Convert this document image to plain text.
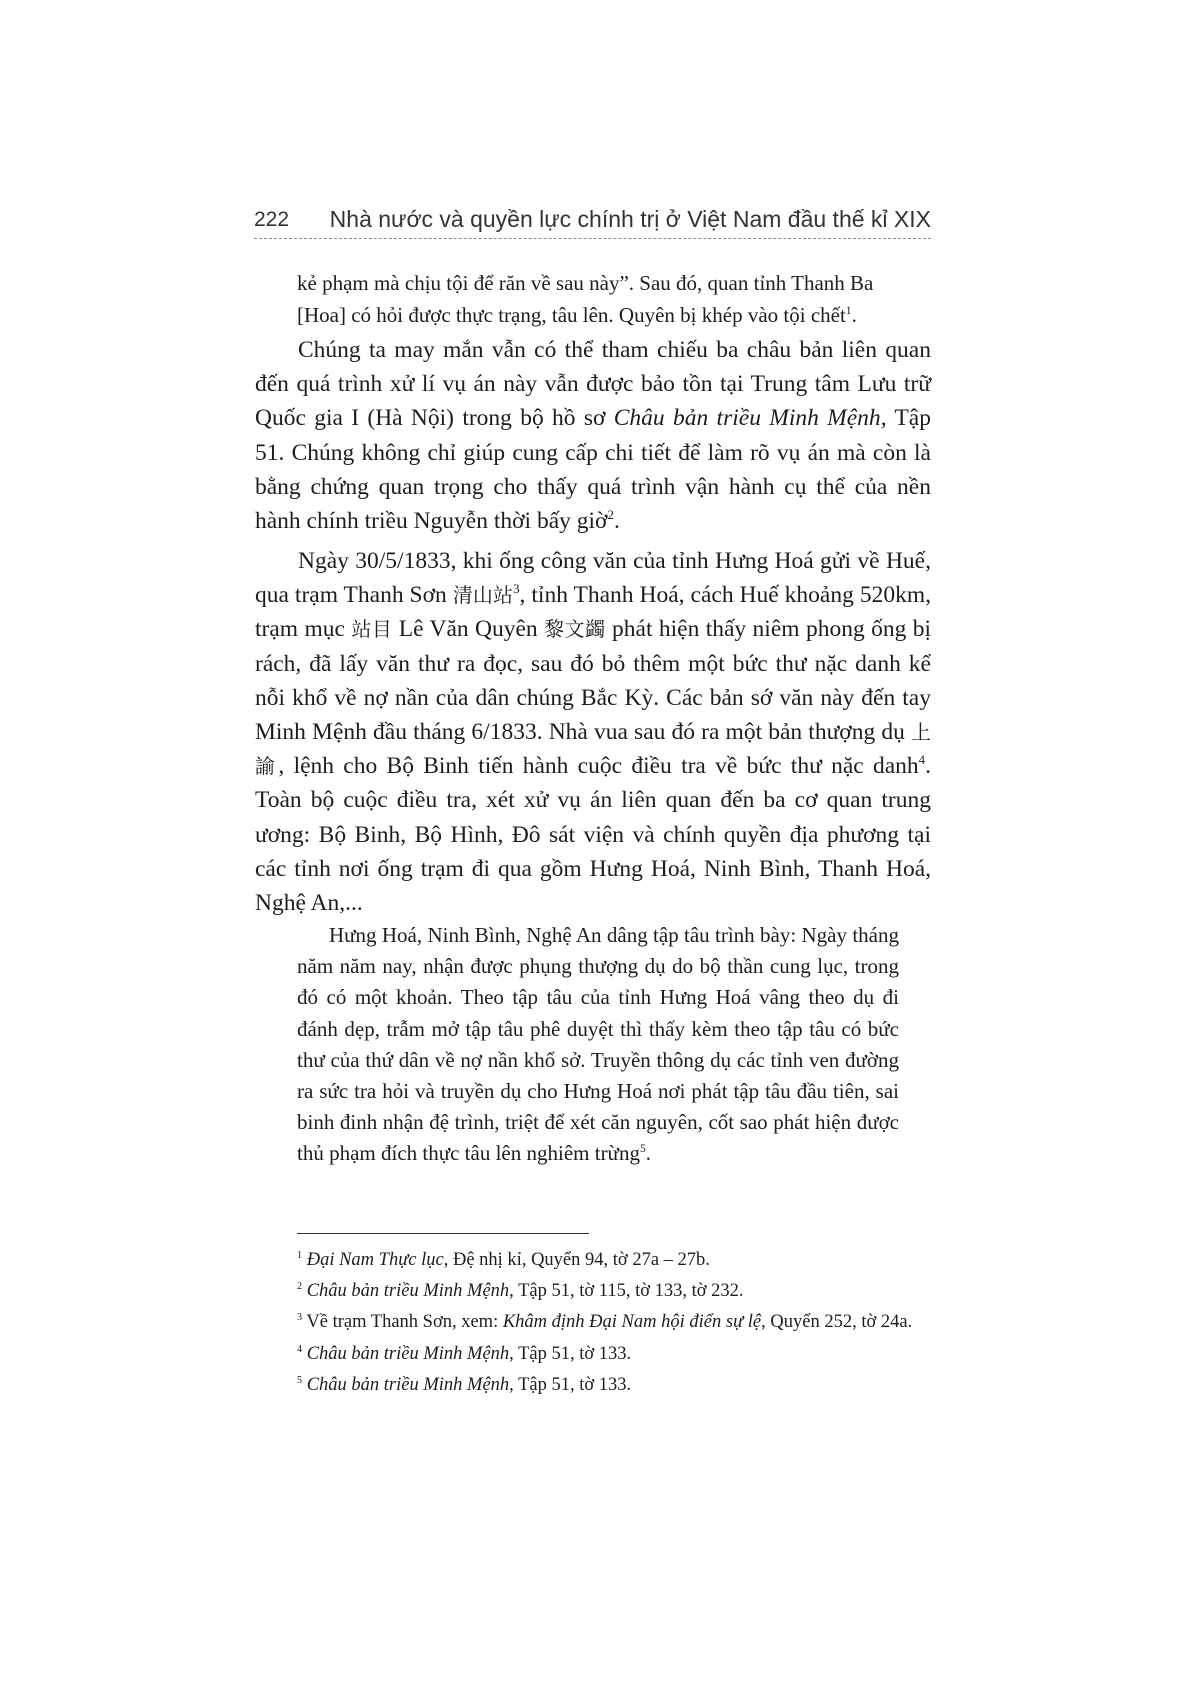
222 Nhà nước và quyền lực chính trị ở Việt Nam đầu thế kỉ XIX

kẻ phạm mà chịu tội để răn về sau này”. Sau đó, quan tỉnh Thanh Ba

[Hoa] có hỏi được thực trạng, tâu lên. Quyên bị khép vào tội chết$^1$.

Chúng ta may mắn vẫn có thể tham chiếu ba châu bản liên quan đến quá trình xử lí vụ án này vẫn được bảo tồn tại Trung tâm Lưu trữ Quốc gia I (Hà Nội) trong bộ hồ sơ Châu bản triều Minh Mệnh, Tập 51. Chúng không chỉ giúp cung cấp chi tiết để làm rõ vụ án mà còn là bằng chứng quan trọng cho thấy quá trình vận hành cụ thể của nền hành chính triều Nguyễn thời bấy giờ$^2$.

Ngày 30/5/1833, khi ống công văn của tỉnh Hưng Hoá gửi về Huế, qua trạm Thanh Sơn 清山站$^3$, tỉnh Thanh Hoá, cách Huế khoảng 520km, trạm mục 站目 Lê Văn Quyên 黎文蠲 phát hiện thấy niêm phong ống bị rách, đã lấy văn thư ra đọc, sau đó bỏ thêm một bức thư nặc danh kể nỗi khổ về nợ nần của dân chúng Bắc Kỳ. Các bản sớ văn này đến tay Minh Mệnh đầu tháng 6/1833. Nhà vua sau đó ra một bản thượng dụ 上諭, lệnh cho Bộ Binh tiến hành cuộc điều tra về bức thư nặc danh$^4$. Toàn bộ cuộc điều tra, xét xử vụ án liên quan đến ba cơ quan trung ương: Bộ Binh, Bộ Hình, Đô sát viện và chính quyền địa phương tại các tỉnh nơi ống trạm đi qua gồm Hưng Hoá, Ninh Bình, Thanh Hoá, Nghệ An,...

Hưng Hoá, Ninh Bình, Nghệ An dâng tập tâu trình bày: Ngày tháng năm năm nay, nhận được phụng thượng dụ do bộ thần cung lục, trong đó có một khoản. Theo tập tâu của tỉnh Hưng Hoá vâng theo dụ đi đánh dẹp, trẫm mở tập tâu phê duyệt thì thấy kèm theo tập tâu có bức thư của thứ dân về nợ nần khổ sở. Truyền thông dụ các tỉnh ven đường ra sức tra hỏi và truyền dụ cho Hưng Hoá nơi phát tập tâu đầu tiên, sai binh đinh nhận đệ trình, triệt để xét căn nguyên, cốt sao phát hiện được thủ phạm đích thực tâu lên nghiêm trừng$^5$.

$^1$ Đại Nam Thực lục, Đệ nhị kỉ, Quyển 94, tờ 27a – 27b.
$^2$ Châu bản triều Minh Mệnh, Tập 51, tờ 115, tờ 133, tờ 232.
$^3$ Về trạm Thanh Sơn, xem: Khâm định Đại Nam hội điển sự lệ, Quyển 252, tờ 24a.
$^4$ Châu bản triều Minh Mệnh, Tập 51, tờ 133.
$^5$ Châu bản triều Minh Mệnh, Tập 51, tờ 133.
